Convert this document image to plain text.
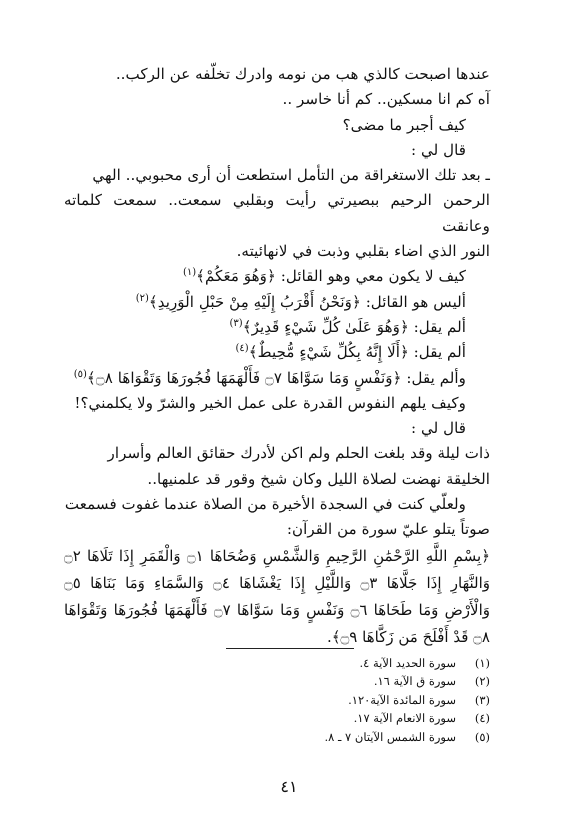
عندها اصبحت كالذي هب من نومه وادرك تخلّفه عن الركب..
آه كم انا مسكين.. كم أنا خاسر ..
كيف أجبر ما مضى؟
قال لي :
ـ بعد تلك الاستغراقة من التأمل استطعت أن أرى محبوبي.. الهي
الرحمن الرحيم ببصيرتي رأيت وبقلبي سمعت.. سمعت كلماته وعانقت
النور الذي اضاء بقلبي وذبت في لانهائيته.
كيف لا يكون معي وهو القائل: ﴿وَهُوَ مَعَكُمْ﴾$^{(١)}$
أليس هو القائل: ﴿وَنَحْنُ أَقْرَبُ إِلَيْهِ مِنْ حَبْلِ الْوَرِيدِ﴾$^{(٢)}$
ألم يقل: ﴿وَهُوَ عَلَىٰ كُلِّ شَيْءٍ قَدِيرٌ﴾$^{(٣)}$
ألم يقل: ﴿أَلَا إِنَّهُ بِكُلِّ شَيْءٍ مُّحِيطٌ﴾$^{(٤)}$
وألم يقل: ﴿وَنَفْسٍ وَمَا سَوَّاهَا ۝٧ فَأَلْهَمَهَا فُجُورَهَا وَتَقْوَاهَا ۝٨﴾$^{(٥)}$
وكيف يلهم النفوس القدرة على عمل الخير والشرّ ولا يكلمني؟!
قال لي :
ذات ليلة وقد بلغت الحلم ولم اكن لأدرك حقائق العالم وأسرار
الخليقة نهضت لصلاة الليل وكان شيخ وقور قد علمنيها..
ولعلّي كنت في السجدة الأخيرة من الصلاة عندما غفوت فسمعت
صوتاً يتلو عليّ سورة من القرآن:
﴿بِسْمِ اللَّهِ الرَّحْمَٰنِ الرَّحِيمِ وَالشَّمْسِ وَضُحَاهَا ۝١ وَالْقَمَرِ إِذَا تَلَاهَا ۝٢ وَالنَّهَارِ إِذَا جَلَّاهَا ۝٣ وَاللَّيْلِ إِذَا يَغْشَاهَا ۝٤ وَالسَّمَاءِ وَمَا بَنَاهَا ۝٥ وَالْأَرْضِ وَمَا طَحَاهَا ۝٦ وَنَفْسٍ وَمَا سَوَّاهَا ۝٧ فَأَلْهَمَهَا فُجُورَهَا وَتَقْوَاهَا ۝٨ قَدْ أَفْلَحَ مَن زَكَّاهَا ۝٩﴾.
(١)سورة الحديد الآية ٤.
(٢)سورة ق الآية ١٦.
(٣)سورة المائدة الآية١٢٠.
(٤)سورة الانعام الآية ١٧.
(٥)سورة الشمس الآيتان ٧ ـ ٨.
٤١
